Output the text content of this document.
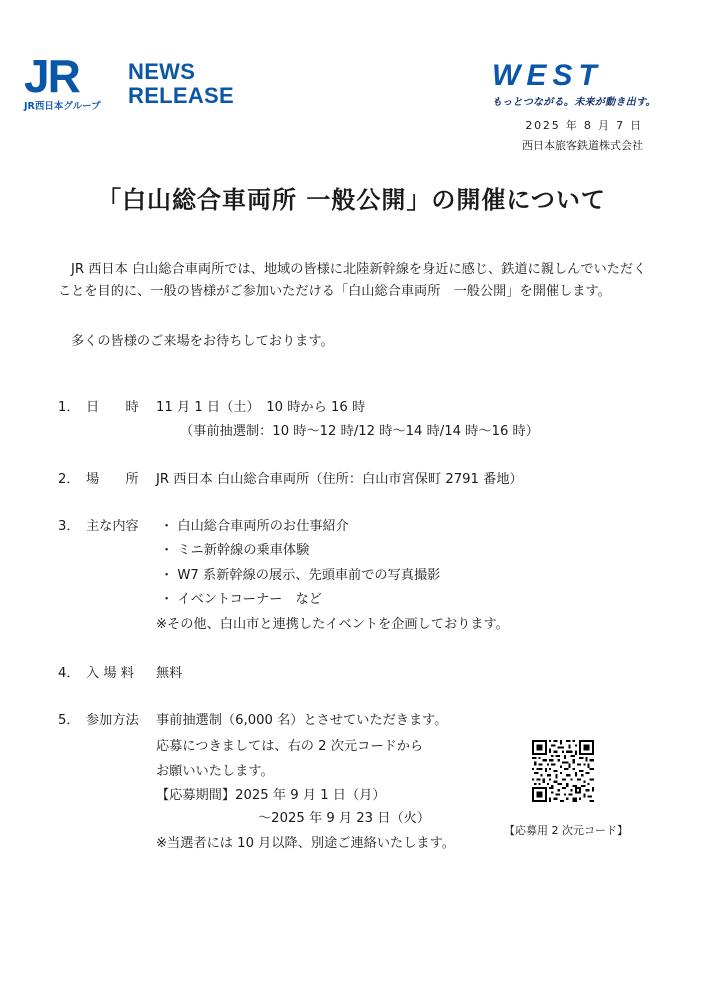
JR
JR西日本グループ
NEWS
RELEASE
WEST
もっとつながる。未来が動き出す。
2025 年 8 月 7 日
西日本旅客鉄道株式会社
「白山総合車両所 一般公開」の開催について
JR 西日本 白山総合車両所では、地域の皆様に北陸新幹線を身近に感じ、鉄道に親しんでいただくことを目的に、一般の皆様がご参加いただける「白山総合車両所　一般公開」を開催します。
多くの皆様のご来場をお待ちしております。
1． 日　　時 11 月 1 日（土）　10 時から 16 時
（事前抽選制：10 時～12 時/12 時～14 時/14 時～16 時）
2． 場　　所 JR 西日本 白山総合車両所（住所：白山市宮保町 2791 番地）
3． 主な内容 ・ 白山総合車両所のお仕事紹介
・ ミニ新幹線の乗車体験
・ W7 系新幹線の展示、先頭車前での写真撮影
・ イベントコーナー　など
※その他、白山市と連携したイベントを企画しております。
4． 入 場 料 無料
5． 参加方法 事前抽選制（6,000 名）とさせていただきます。
応募につきましては、右の 2 次元コードから
お願いいたします。
【応募期間】2025 年 9 月 1 日（月）
～2025 年 9 月 23 日（火）
※当選者には 10 月以降、別途ご連絡いたします。
【応募用 2 次元コード】
